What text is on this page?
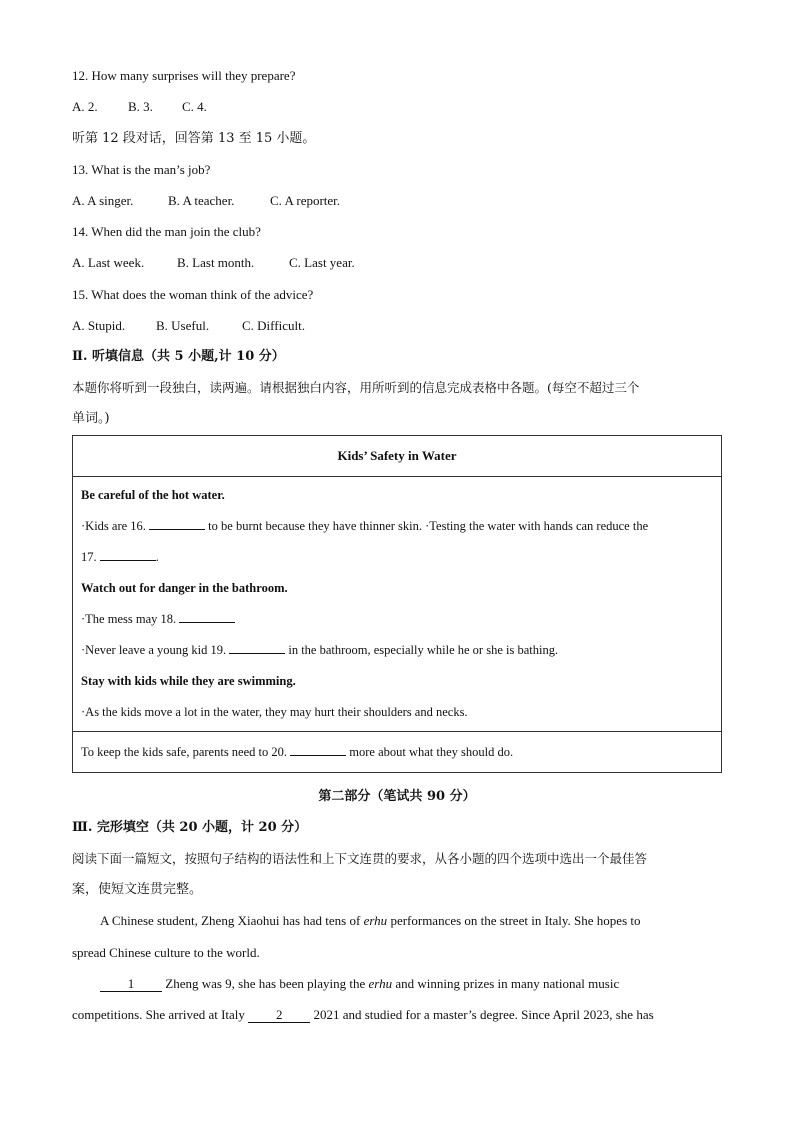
12. How many surprises will they prepare?
A. 2. B. 3. C. 4.
听第 12 段对话，回答第 13 至 15 小题。
13. What is the man’s job?
A. A singer.	B. A teacher.	C. A reporter.
14. When did the man join the club?
A. Last week.	B. Last month.	C. Last year.
15. What does the woman think of the advice?
A. Stupid. B. Useful.	C. Difficult.
Ⅱ. 听填信息（共 5 小题,计 10 分）
本题你将听到一段独白，读两遍。请根据独白内容，用所听到的信息完成表格中各题。(每空不超过三个
单词。)
Kids’ Safety in Water

Be careful of the hot water.
·Kids are 16.	to be burnt because they have thinner skin. ·Testing the water with hands can reduce the
17.	.
Watch out for danger in the bathroom.
·The mess may 18.
·Never leave a young kid 19.	in the bathroom, especially while he or she is bathing.
Stay with kids while they are swimming.
·As the kids move a lot in the water, they may hurt their shoulders and necks.

To keep the kids safe, parents need to 20.	more about what they should do.
第二部分（笔试共 90 分）
Ⅲ. 完形填空（共 20 小题，计 20 分）
阅读下面一篇短文，按照句子结构的语法性和上下文连贯的要求，从各小题的四个选项中选出一个最佳答
案，使短文连贯完整。
A Chinese student, Zheng Xiaohui has had tens of erhu performances on the street in Italy. She hopes to
spread Chinese culture to the world.
1 Zheng was 9, she has been playing the erhu and winning prizes in many national music
competitions. She arrived at Italy 2 2021 and studied for a master’s degree. Since April 2023, she has
